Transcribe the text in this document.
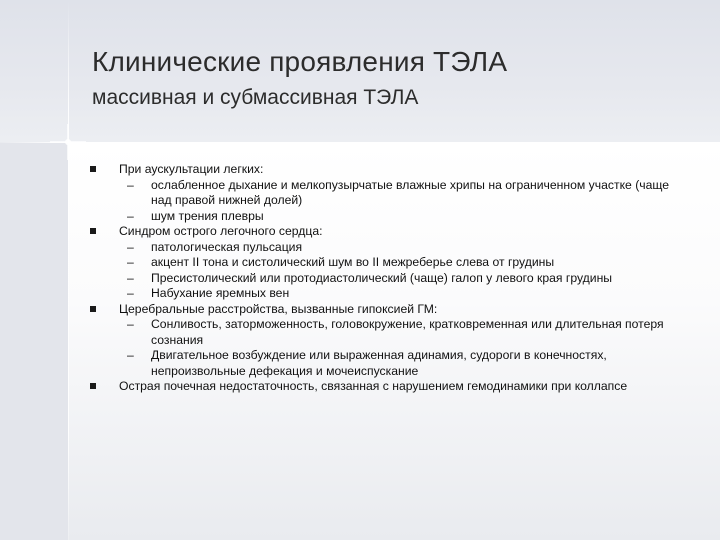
Клинические проявления ТЭЛА
массивная и субмассивная ТЭЛА
При аускультации легких:
– ослабленное дыхание и мелкопузырчатые влажные хрипы на ограниченном участке (чаще над правой нижней долей)
– шум трения плевры
Синдром острого легочного сердца:
– патологическая пульсация
– акцент II тона и систолический шум во II межреберье слева от грудины
– Пресистолический или протодиастолический (чаще) галоп у левого края грудины
– Набухание яремных вен
Церебральные расстройства, вызванные гипоксией ГМ:
– Сонливость, заторможенность, головокружение, кратковременная или длительная потеря сознания
– Двигательное возбуждение или выраженная адинамия, судороги в конечностях, непроизвольные дефекация и мочеиспускание
Острая почечная недостаточность, связанная с нарушением гемодинамики при коллапсе
